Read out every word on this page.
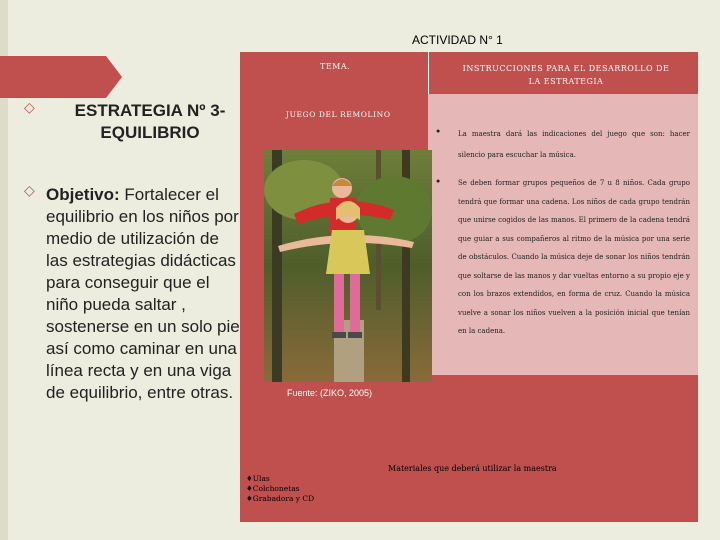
◇	ESTRATEGIA Nº 3-EQUILIBRIO
◇ Objetivo: Fortalecer el equilibrio en los niños por medio de utilización de las estrategias didácticas para conseguir que el niño pueda saltar , sostenerse en un solo pie así como caminar en una línea recta y en una viga de equilibrio, entre otras.
ACTIVIDAD N° 1
TEMA.	INSTRUCCIONES PARA EL DESARROLLO DE LA ESTRATEGIA
JUEGO DEL REMOLINO
●	La maestra dará las indicaciones del juego que son: hacer silencio para escuchar la música.
●	Se deben formar grupos pequeños de 7 u 8 niños. Cada grupo tendrá que formar una cadena. Los niños de cada grupo tendrán que unirse cogidos de las manos. El primero de la cadena tendrá que guiar a sus compañeros al ritmo de la música por una serie de obstáculos. Cuando la música deje de sonar los niños tendrán que soltarse de las manos y dar vueltas entorno a su propio eje y con los brazos extendidos, en forma de cruz. Cuando la música vuelve a sonar los niños vuelven a la posición inicial que tenían en la cadena.
Fuente: (ZIKO, 2005)
Materiales que deberá utilizar la maestra
♦Ulas
♦Colchonetas
♦Grabadora y CD
